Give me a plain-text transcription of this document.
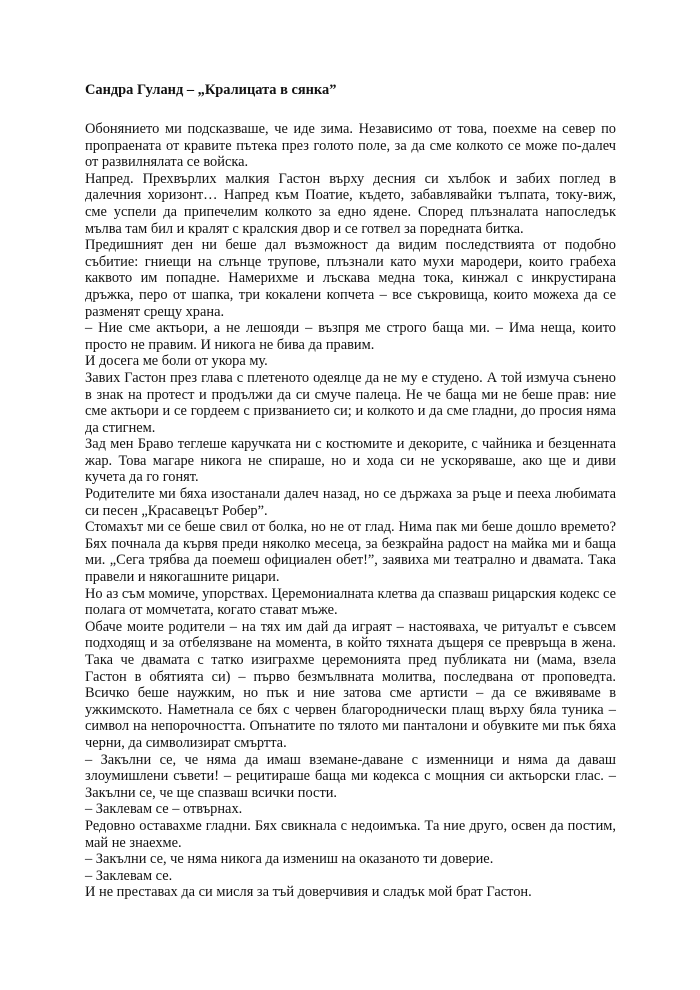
Сандра Гуланд – „Кралицата в сянка”

Обонянието ми подсказваше, че иде зима. Независимо от това, поехме на север по пропраената от кравите пътека през голото поле, за да сме колкото се може по-далеч от развилнялата се войска.

Напред. Прехвърлих малкия Гастон върху десния си хълбок и забих поглед в далечния хоризонт… Напред към Поатие, където, забавлявайки тълпата, току-виж, сме успели да припечелим колкото за едно ядене. Според плъзналата напоследък мълва там бил и кралят с кралския двор и се готвел за поредната битка.

Предишният ден ни беше дал възможност да видим последствията от подобно събитие: гниещи на слънце трупове, плъзнали като мухи мародери, които грабеха каквото им попадне. Намерихме и лъскава медна тока, кинжал с инкрустирана дръжка, перо от шапка, три кокалени копчета – все съкровища, които можеха да се разменят срещу храна.

– Ние сме актьори, а не лешояди – възпря ме строго баща ми. – Има неща, които просто не правим. И никога не бива да правим.

И досега ме боли от укора му.

Завих Гастон през глава с плетеното одеялце да не му е студено. А той измуча сънено в знак на протест и продължи да си смуче палеца. Не че баща ми не беше прав: ние сме актьори и се гордеем с призванието си; и колкото и да сме гладни, до просия няма да стигнем.

Зад мен Браво теглеше каручката ни с костюмите и декорите, с чайника и безценната жар. Това магаре никога не спираше, но и хода си не ускоряваше, ако ще и диви кучета да го гонят.

Родителите ми бяха изостанали далеч назад, но се държаха за ръце и пееха любимата си песен „Красавецът Робер”.

Стомахът ми се беше свил от болка, но не от глад. Нима пак ми беше дошло времето? Бях почнала да кървя преди няколко месеца, за безкрайна радост на майка ми и баща ми. „Сега трябва да поемеш официален обет!”, заявиха ми театрално и двамата. Така правели и някогашните рицари.

Но аз съм момиче, упорствах. Церемониалната клетва да спазваш рицарския кодекс се полага от момчетата, когато стават мъже.

Обаче моите родители – на тях им дай да играят – настояваха, че ритуалът е съвсем подходящ и за отбелязване на момента, в който тяхната дъщеря се превръща в жена. Така че двамата с татко изиграхме церемонията пред публиката ни (мама, взела Гастон в обятията си) – първо безмълвната молитва, последвана от проповедта. Всичко беше наужким, но пък и ние затова сме артисти – да се вживяваме в ужкимското. Наметнала се бях с червен благороднически плащ върху бяла туника – символ на непорочността. Опънатите по тялото ми панталони и обувките ми пък бяха черни, да символизират смъртта.

– Закълни се, че няма да имаш вземане-даване с изменници и няма да даваш злоумишлени съвети! – рецитираше баща ми кодекса с мощния си актьорски глас. – Закълни се, че ще спазваш всички пости.

– Заклевам се – отвърнах.

Редовно оставахме гладни. Бях свикнала с недоимъка. Та ние друго, освен да постим, май не знаехме.

– Закълни се, че няма никога да измениш на оказаното ти доверие.

– Заклевам се.

И не преставах да си мисля за тъй доверчивия и сладък мой брат Гастон.
